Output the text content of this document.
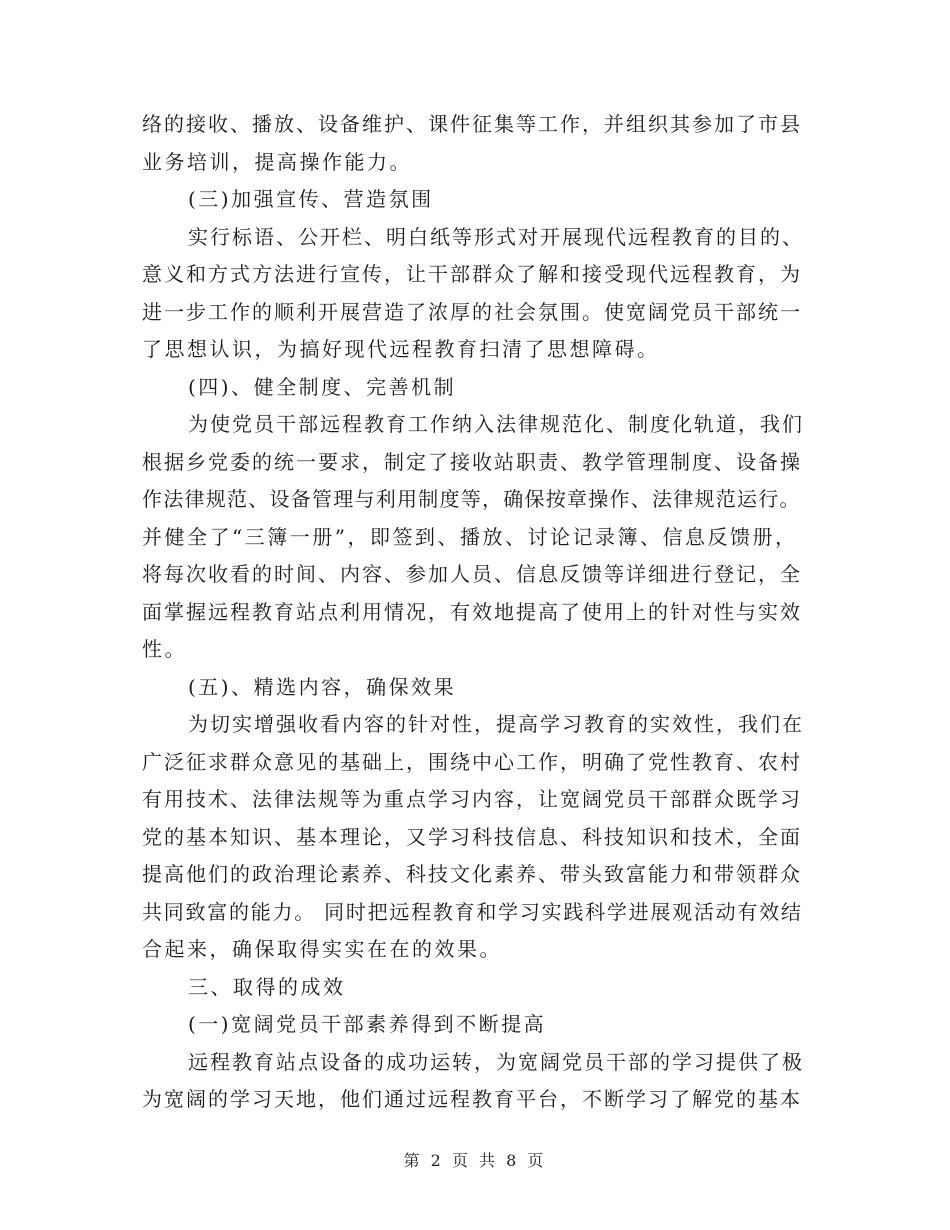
络的接收、播放、设备维护、课件征集等工作，并组织其参加了市县
业务培训，提高操作能力。
(三)加强宣传、营造氛围
实行标语、公开栏、明白纸等形式对开展现代远程教育的目的、
意义和方式方法进行宣传，让干部群众了解和接受现代远程教育，为
进一步工作的顺利开展营造了浓厚的社会氛围。使宽阔党员干部统一
了思想认识，为搞好现代远程教育扫清了思想障碍。
(四)、健全制度、完善机制
为使党员干部远程教育工作纳入法律规范化、制度化轨道，我们
根据乡党委的统一要求，制定了接收站职责、教学管理制度、设备操
作法律规范、设备管理与利用制度等，确保按章操作、法律规范运行。
并健全了“三簿一册”，即签到、播放、讨论记录簿、信息反馈册，
将每次收看的时间、内容、参加人员、信息反馈等详细进行登记，全
面掌握远程教育站点利用情况，有效地提高了使用上的针对性与实效
性。
(五)、精选内容，确保效果
为切实增强收看内容的针对性，提高学习教育的实效性，我们在
广泛征求群众意见的基础上，围绕中心工作，明确了党性教育、农村
有用技术、法律法规等为重点学习内容，让宽阔党员干部群众既学习
党的基本知识、基本理论，又学习科技信息、科技知识和技术，全面
提高他们的政治理论素养、科技文化素养、带头致富能力和带领群众
共同致富的能力。 同时把远程教育和学习实践科学进展观活动有效结
合起来，确保取得实实在在的效果。
三、取得的成效
(一)宽阔党员干部素养得到不断提高
远程教育站点设备的成功运转，为宽阔党员干部的学习提供了极
为宽阔的学习天地，他们通过远程教育平台，不断学习了解党的基本
第 2 页 共 8 页
